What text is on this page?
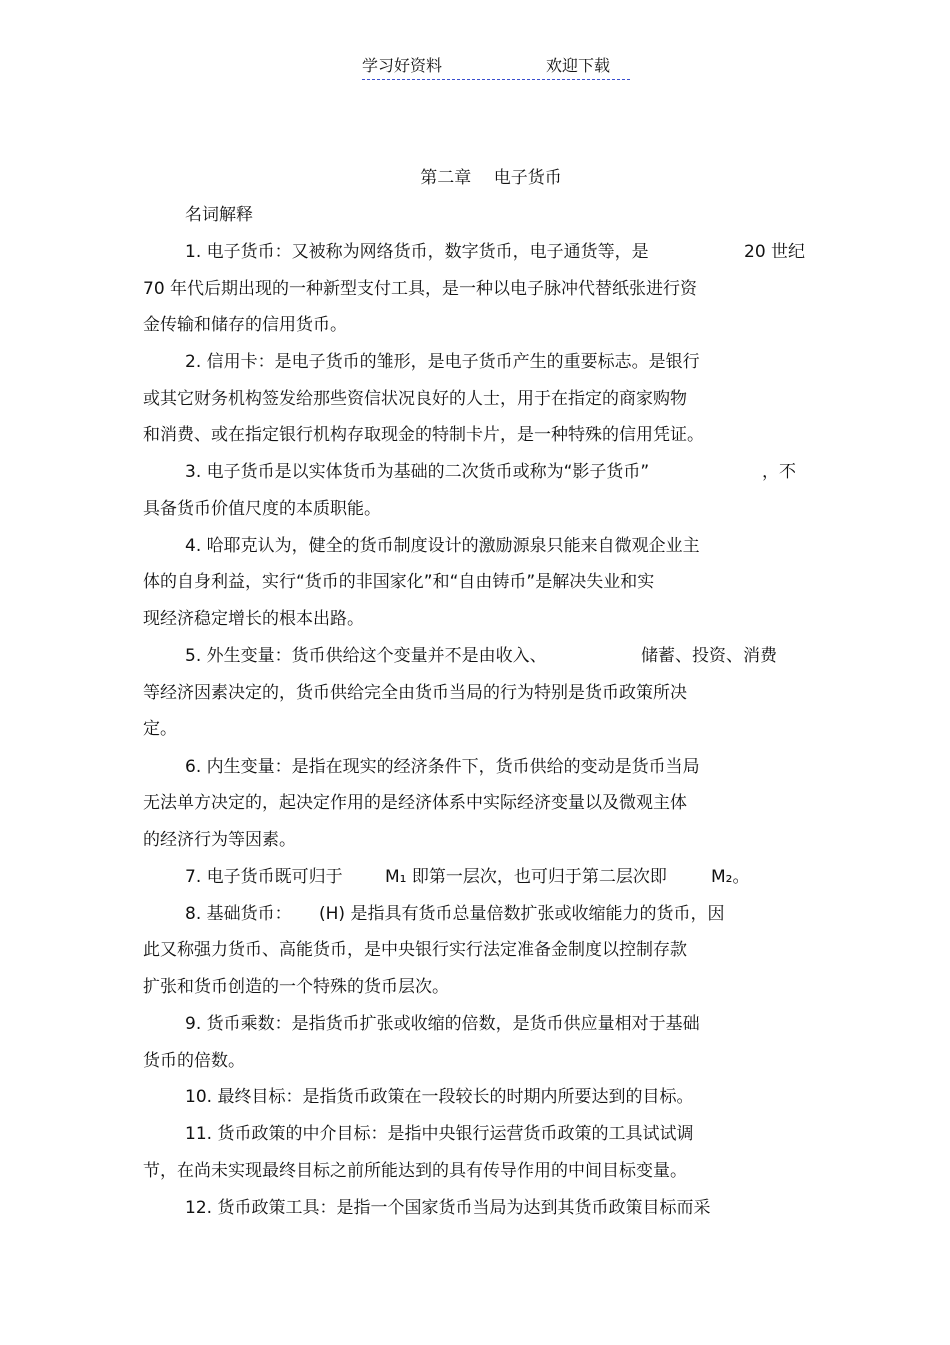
学习好资料	欢迎下载
第二章　 电子货币
名词解释
1. 电子货币：又被称为网络货币，数字货币，电子通货等，是	20 世纪
70 年代后期出现的一种新型支付工具，是一种以电子脉冲代替纸张进行资
金传输和储存的信用货币。
2. 信用卡：是电子货币的雏形，是电子货币产生的重要标志。是银行
或其它财务机构签发给那些资信状况良好的人士，用于在指定的商家购物
和消费、或在指定银行机构存取现金的特制卡片，是一种特殊的信用凭证。
3. 电子货币是以实体货币为基础的二次货币或称为“影子货币”	，不
具备货币价值尺度的本质职能。
4. 哈耶克认为，健全的货币制度设计的激励源泉只能来自微观企业主
体的自身利益，实行“货币的非国家化”和“自由铸币”是解决失业和实
现经济稳定增长的根本出路。
5. 外生变量：货币供给这个变量并不是由收入、	储蓄、投资、消费
等经济因素决定的，货币供给完全由货币当局的行为特别是货币政策所决
定。
6. 内生变量：是指在现实的经济条件下，货币供给的变动是货币当局
无法单方决定的，起决定作用的是经济体系中实际经济变量以及微观主体
的经济行为等因素。
7. 电子货币既可归于 M₁ 即第一层次，也可归于第二层次即	M₂。
8. 基础货币： (H) 是指具有货币总量倍数扩张或收缩能力的货币，因
此又称强力货币、高能货币，是中央银行实行法定准备金制度以控制存款
扩张和货币创造的一个特殊的货币层次。
9. 货币乘数：是指货币扩张或收缩的倍数，是货币供应量相对于基础
货币的倍数。
10. 最终目标：是指货币政策在一段较长的时期内所要达到的目标。
11. 货币政策的中介目标：是指中央银行运营货币政策的工具试试调
节，在尚未实现最终目标之前所能达到的具有传导作用的中间目标变量。
12. 货币政策工具：是指一个国家货币当局为达到其货币政策目标而采
